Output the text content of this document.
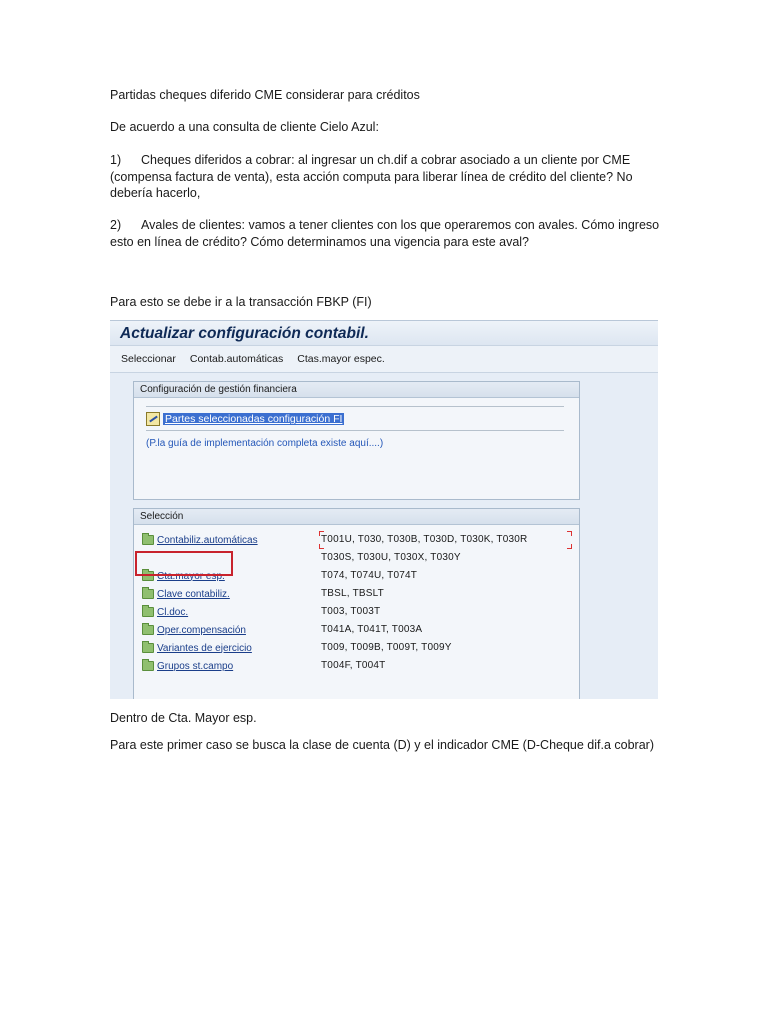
Partidas cheques diferido CME considerar para créditos
De acuerdo a una consulta de cliente Cielo Azul:
1) Cheques diferidos a cobrar: al ingresar un ch.dif a cobrar asociado a un cliente por CME (compensa factura de venta), esta acción computa para liberar línea de crédito del cliente? No debería hacerlo,
2) Avales de clientes: vamos a tener clientes con los que operaremos con avales. Cómo ingreso esto en línea de crédito? Cómo determinamos una vigencia para este aval?
Para esto se debe ir a la transacción FBKP (FI)
Actualizar configuración contabil.
Seleccionar Contab.automáticas Ctas.mayor espec.
Configuración de gestión financiera
Partes seleccionadas configuración FI
(P.la guía de implementación completa existe aquí....)
Selección
Contabiliz.automáticas	T001U, T030, T030B, T030D, T030K, T030R
T030S, T030U, T030X, T030Y
Cta.mayor esp.	T074, T074U, T074T
Clave contabiliz.	TBSL, TBSLT
Cl.doc.	T003, T003T
Oper.compensación	T041A, T041T, T003A
Variantes de ejercicio	T009, T009B, T009T, T009Y
Grupos st.campo	T004F, T004T
Dentro de Cta. Mayor esp.
Para este primer caso se busca la clase de cuenta (D) y el indicador CME (D-Cheque dif.a cobrar)
